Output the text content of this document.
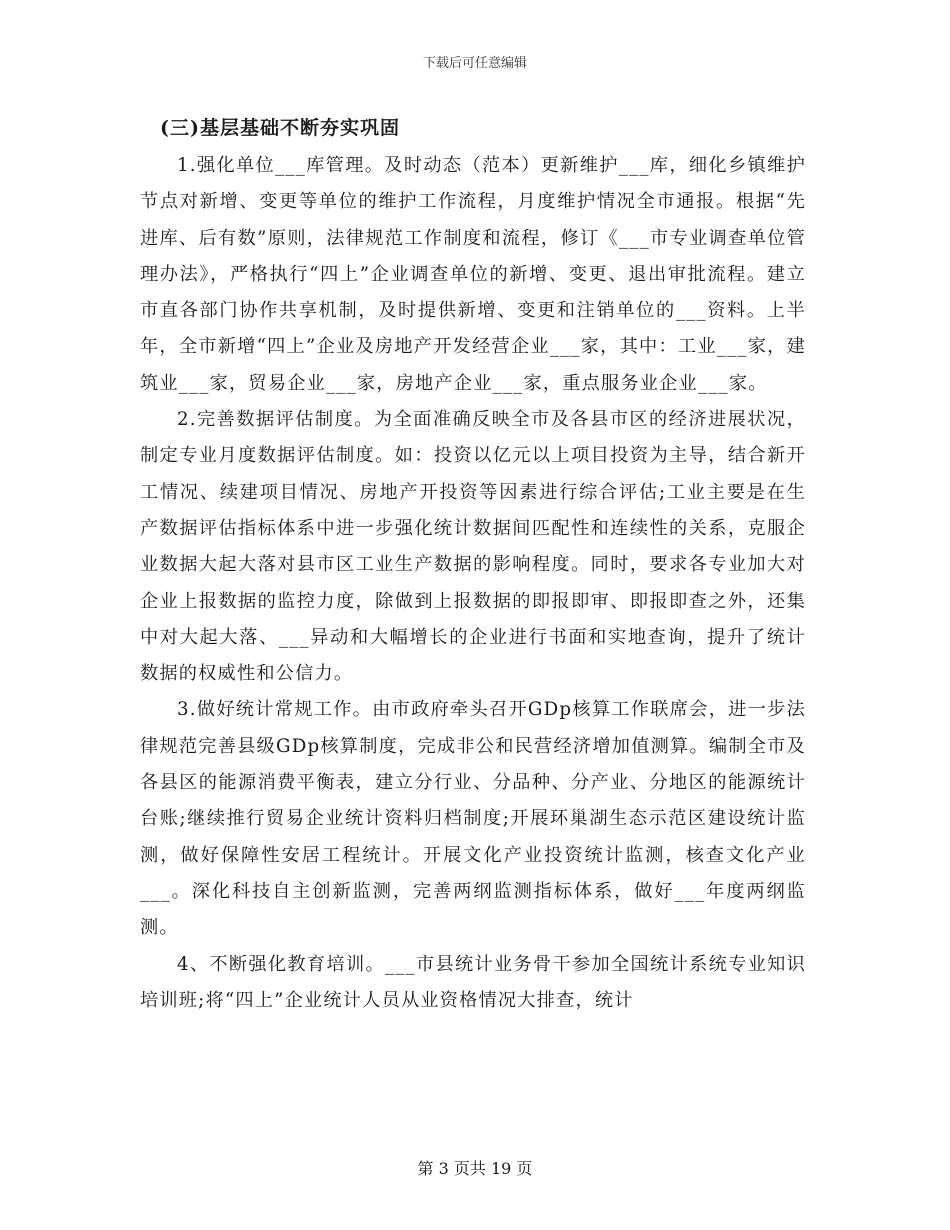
下载后可任意编辑
(三)基层基础不断夯实巩固

1.强化单位___库管理。及时动态（范本）更新维护___库，细化乡镇维护节点对新增、变更等单位的维护工作流程，月度维护情况全市通报。根据“先进库、后有数”原则，法律规范工作制度和流程，修订《___市专业调查单位管理办法》，严格执行“四上”企业调查单位的新增、变更、退出审批流程。建立市直各部门协作共享机制，及时提供新增、变更和注销单位的___资料。上半年，全市新增“四上”企业及房地产开发经营企业___家，其中：工业___家，建筑业___家，贸易企业___家，房地产企业___家，重点服务业企业___家。

2.完善数据评估制度。为全面准确反映全市及各县市区的经济进展状况，制定专业月度数据评估制度。如：投资以亿元以上项目投资为主导，结合新开工情况、续建项目情况、房地产开投资等因素进行综合评估;工业主要是在生产数据评估指标体系中进一步强化统计数据间匹配性和连续性的关系，克服企业数据大起大落对县市区工业生产数据的影响程度。同时，要求各专业加大对企业上报数据的监控力度，除做到上报数据的即报即审、即报即查之外，还集中对大起大落、___异动和大幅增长的企业进行书面和实地查询，提升了统计数据的权威性和公信力。

3.做好统计常规工作。由市政府牵头召开GDp核算工作联席会，进一步法律规范完善县级GDp核算制度，完成非公和民营经济增加值测算。编制全市及各县区的能源消费平衡表，建立分行业、分品种、分产业、分地区的能源统计台账;继续推行贸易企业统计资料归档制度;开展环巢湖生态示范区建设统计监测，做好保障性安居工程统计。开展文化产业投资统计监测，核查文化产业___。深化科技自主创新监测，完善两纲监测指标体系，做好___年度两纲监测。

4、不断强化教育培训。___市县统计业务骨干参加全国统计系统专业知识培训班;将“四上”企业统计人员从业资格情况大排查，统计

第 3 页共 19 页
